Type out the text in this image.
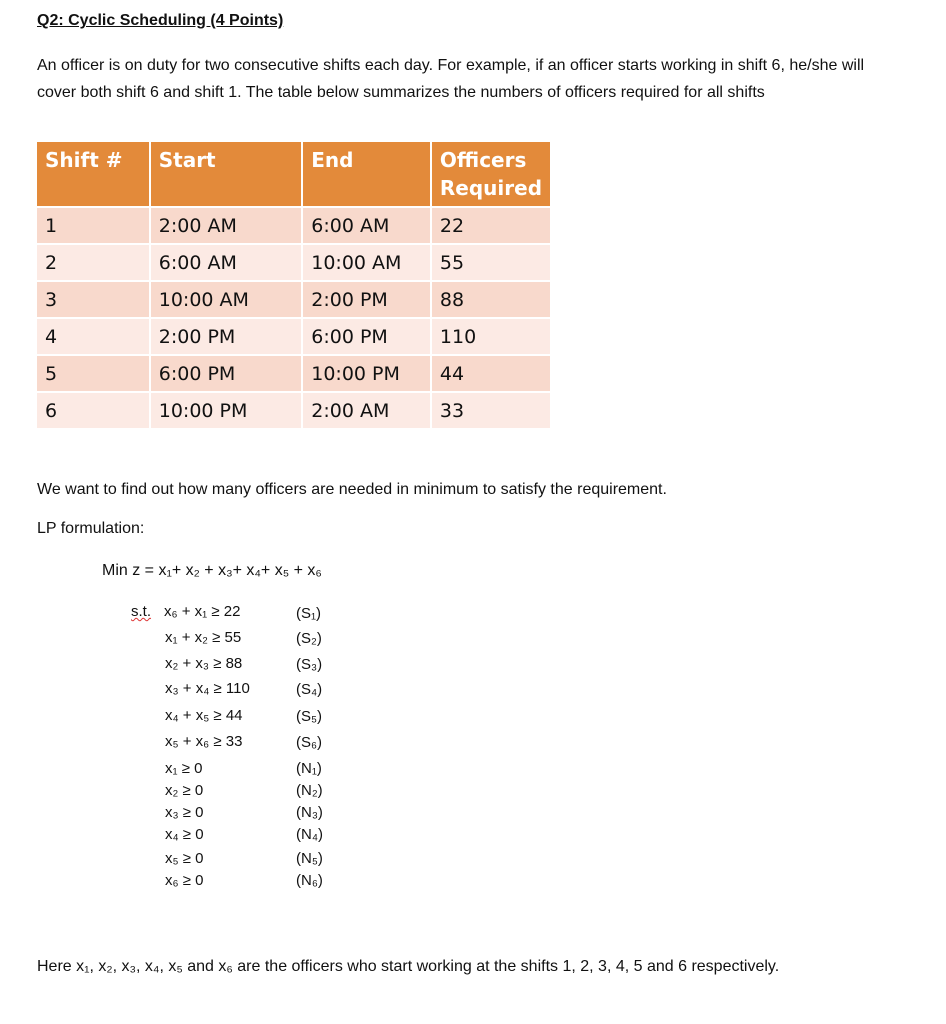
Q2: Cyclic Scheduling (4 Points)
An officer is on duty for two consecutive shifts each day. For example, if an officer starts working in shift 6, he/she will cover both shift 6 and shift 1. The table below summarizes the numbers of officers required for all shifts
Shift #	Start	End	Officers Required
1	2:00 AM	6:00 AM	22
2	6:00 AM	10:00 AM	55
3	10:00 AM	2:00 PM	88
4	2:00 PM	6:00 PM	110
5	6:00 PM	10:00 PM	44
6	10:00 PM	2:00 AM	33
We want to find out how many officers are needed in minimum to satisfy the requirement.
LP formulation:
Min z = x₁+ x₂ + x₃+ x₄+ x₅ + x₆
s.t. x₆ + x₁ ≥ 22	(S₁)
x₁ + x₂ ≥ 55	(S₂)
x₂ + x₃ ≥ 88	(S₃)
x₃ + x₄ ≥ 110	(S₄)
x₄ + x₅ ≥ 44	(S₅)
x₅ + x₆ ≥ 33	(S₆)
x₁ ≥ 0	(N₁)
x₂ ≥ 0	(N₂)
x₃ ≥ 0	(N₃)
x₄ ≥ 0	(N₄)
x₅ ≥ 0	(N₅)
x₆ ≥ 0	(N₆)
Here x₁, x₂, x₃, x₄, x₅ and x₆ are the officers who start working at the shifts 1, 2, 3, 4, 5 and 6 respectively.
